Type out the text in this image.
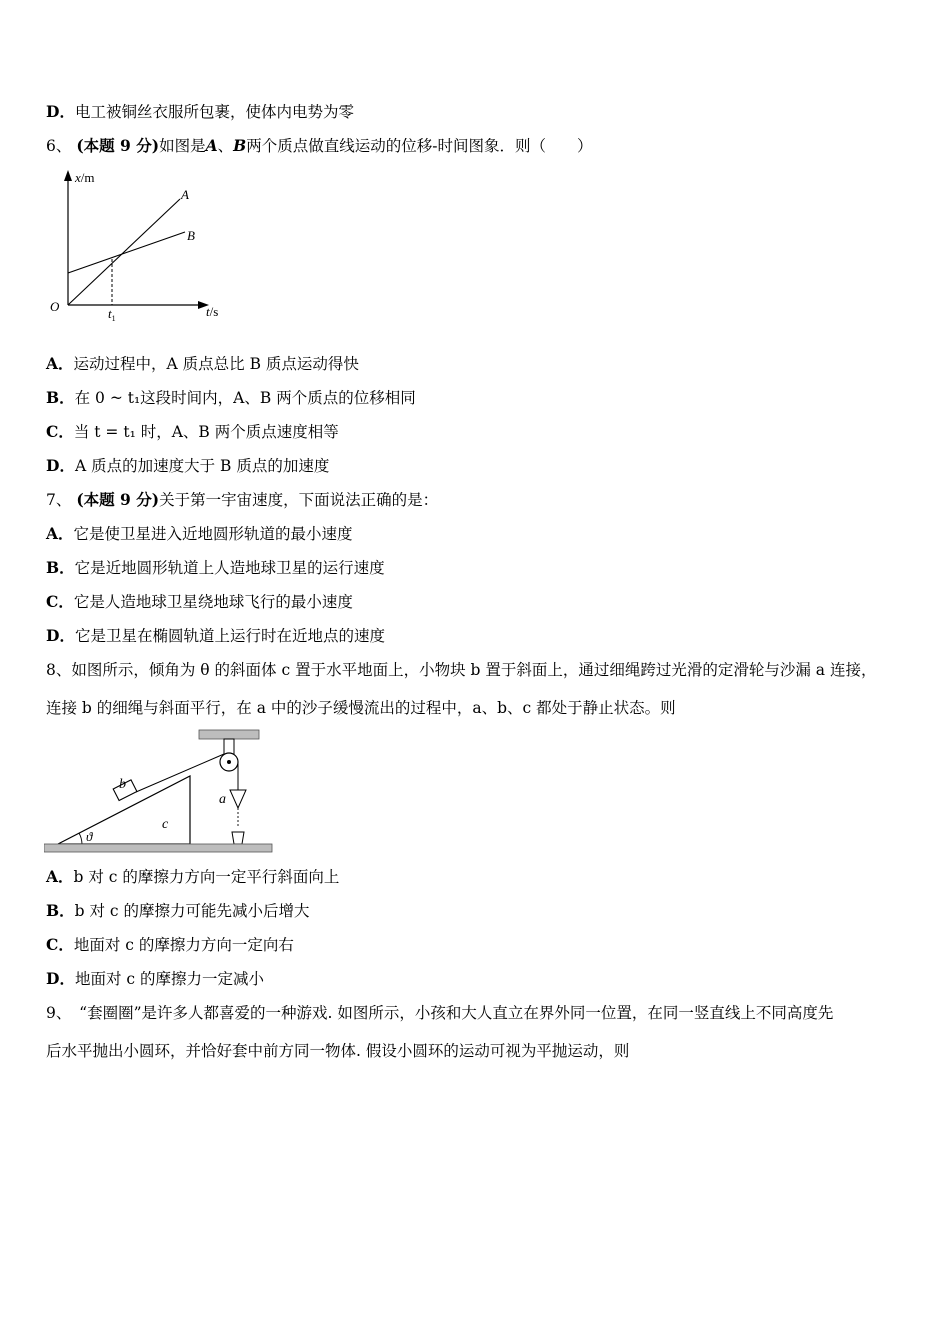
D．电工被铜丝衣服所包裹，使体内电势为零
6、 (本题 9 分)如图是A、B两个质点做直线运动的位移-时间图象．则（　　）
x/m
O
A
B
$t_1$	t/s
A．运动过程中，A 质点总比 B 质点运动得快
B．在 0 ~ t₁这段时间内，A、B 两个质点的位移相同
C．当 t = t₁ 时，A、B 两个质点速度相等
D．A 质点的加速度大于 B 质点的加速度
7、 (本题 9 分)关于第一宇宙速度，下面说法正确的是：
A．它是使卫星进入近地圆形轨道的最小速度
B．它是近地圆形轨道上人造地球卫星的运行速度
C．它是人造地球卫星绕地球飞行的最小速度
D．它是卫星在椭圆轨道上运行时在近地点的速度
8、如图所示，倾角为 θ 的斜面体 c 置于水平地面上，小物块 b 置于斜面上，通过细绳跨过光滑的定滑轮与沙漏 a 连接，
连接 b 的细绳与斜面平行，在 a 中的沙子缓慢流出的过程中，a、b、c 都处于静止状态。则
b
c
a
ϑ
A．b 对 c 的摩擦力方向一定平行斜面向上
B．b 对 c 的摩擦力可能先减小后增大
C．地面对 c 的摩擦力方向一定向右
D．地面对 c 的摩擦力一定减小
9、　 “套圈圈”是许多人都喜爱的一种游戏. 如图所示，小孩和大人直立在界外同一位置，在同一竖直线上不同高度先
后水平抛出小圆环，并恰好套中前方同一物体. 假设小圆环的运动可视为平抛运动，则
